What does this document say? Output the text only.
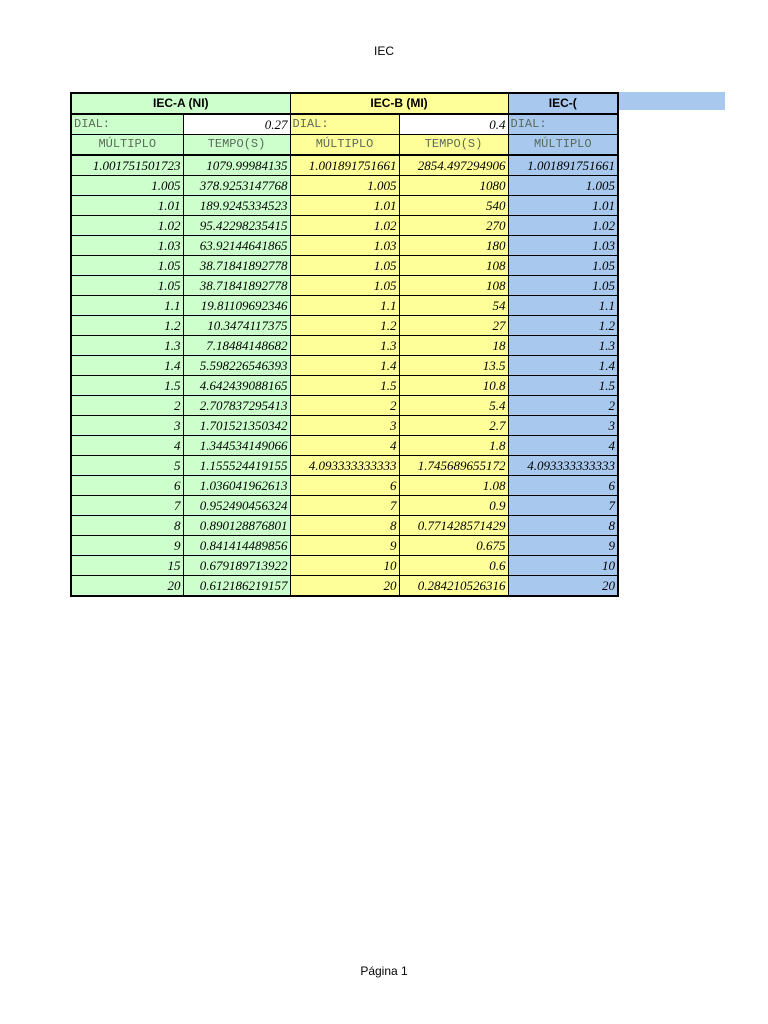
IEC
IEC-A (NI)		IEC-B (MI)		IEC-(
DIAL:	0.27	DIAL:	0.4	DIAL:
MÚLTIPLO	TEMPO(S)	MÚLTIPLO	TEMPO(S)	MÚLTIPLO
1.001751501723	1079.99984135	1.001891751661	2854.497294906	1.001891751661
1.005	378.9253147768	1.005	1080	1.005
1.01	189.9245334523	1.01	540	1.01
1.02	95.42298235415	1.02	270	1.02
1.03	63.92144641865	1.03	180	1.03
1.05	38.71841892778	1.05	108	1.05
1.05	38.71841892778	1.05	108	1.05
1.1	19.81109692346	1.1	54	1.1
1.2	10.3474117375	1.2	27	1.2
1.3	7.18484148682	1.3	18	1.3
1.4	5.598226546393	1.4	13.5	1.4
1.5	4.642439088165	1.5	10.8	1.5
2	2.707837295413	2	5.4	2
3	1.701521350342	3	2.7	3
4	1.344534149066	4	1.8	4
5	1.155524419155	4.093333333333	1.745689655172	4.093333333333
6	1.036041962613	6	1.08	6
7	0.952490456324	7	0.9	7
8	0.890128876801	8	0.771428571429	8
9	0.841414489856	9	0.675	9
15	0.679189713922	10	0.6	10
20	0.612186219157	20	0.284210526316	20
Página 1
